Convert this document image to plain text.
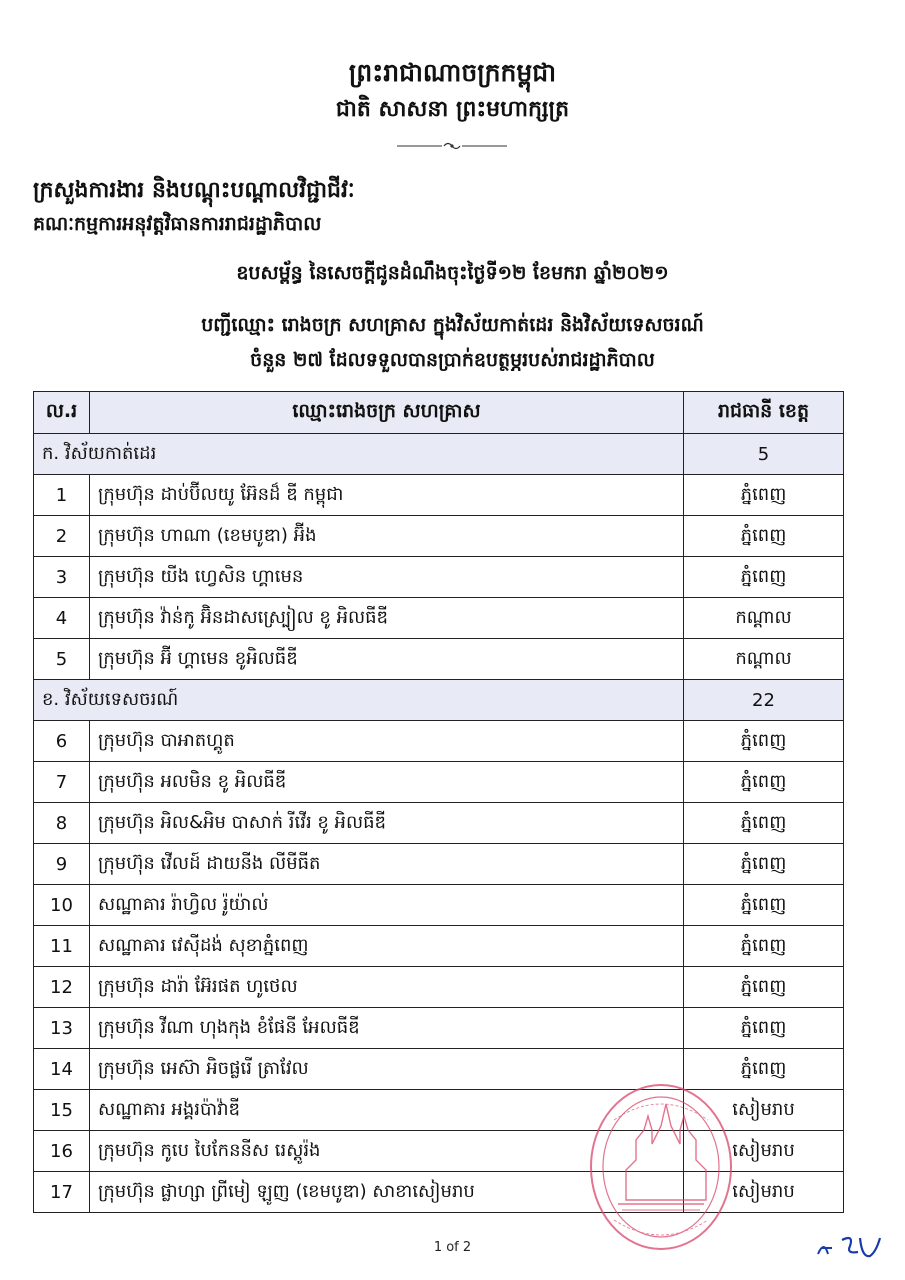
ព្រះរាជាណាចក្រកម្ពុជា
ជាតិ សាសនា ព្រះមហាក្សត្រ
ក្រសួងការងារ និងបណ្តុះបណ្តាលវិជ្ជាជីវៈ
គណៈកម្មការអនុវត្តវិធានការរាជរដ្ឋាភិបាល
ឧបសម្ព័ន្ធ នៃសេចក្តីជូនដំណឹងចុះថ្ងៃទី១២ ខែមករា ឆ្នាំ២០២១
បញ្ជីឈ្មោះ រោងចក្រ សហគ្រាស ក្នុងវិស័យកាត់ដេរ និងវិស័យទេសចរណ៍
ចំនួន ២៧ ដែលទទួលបានប្រាក់ឧបត្ថម្ភរបស់រាជរដ្ឋាភិបាល
ល.រ	ឈ្មោះរោងចក្រ សហគ្រាស	រាជធានី ខេត្ត
ក. វិស័យកាត់ដេរ		5
1	ក្រុមហ៊ុន ដាប់ប៊ីលយូ អ៊ែនដ៏ ឌី កម្ពុជា	ភ្នំពេញ
2	ក្រុមហ៊ុន ហាណា (ខេមបូឌា) អ៊ីង	ភ្នំពេញ
3	ក្រុមហ៊ុន យីង ហ្វេសិន ហ្គាមេន	ភ្នំពេញ
4	ក្រុមហ៊ុន វ៉ាន់កូ អ៊ិនដាសស្រ្បៀល ខូ អិលធីឌី	កណ្តាល
5	ក្រុមហ៊ុន អ៊ី ហ្គាមេន ខូអិលធីឌី	កណ្តាល
ខ. វិស័យទេសចរណ៍		22
6	ក្រុមហ៊ុន បាអាតហ្គូត	ភ្នំពេញ
7	ក្រុមហ៊ុន អលមិន ខូ អិលធីឌី	ភ្នំពេញ
8	ក្រុមហ៊ុន អិល&អិម បាសាក់ រីវើរ ខូ អិលធីឌី	ភ្នំពេញ
9	ក្រុមហ៊ុន វើលដ៍ ដាយនីង លីមីធីត	ភ្នំពេញ
10	សណ្ឋាគារ រ៉ាហ្វិល រ៉ូយ៉ាល់	ភ្នំពេញ
11	សណ្ឋាគារ វេស៊ីដង់ សុខាភ្នំពេញ	ភ្នំពេញ
12	ក្រុមហ៊ុន ដារ៉ា អ៊ែរផត ហូថេល	ភ្នំពេញ
13	ក្រុមហ៊ុន វីណា ហុងកុង ខំផែនី អែលធីឌី	ភ្នំពេញ
14	ក្រុមហ៊ុន អេស៊ា អិចផ្លរើ ត្រាវែល	ភ្នំពេញ
15	សណ្ឋាគារ អង្គរប៉ាវ៉ាឌី	សៀមរាប
16	ក្រុមហ៊ុន កូបេ បៃកែននីស រេស្តូរ៉ង	សៀមរាប
17	ក្រុមហ៊ុន ផ្លាហ្សា ព្រីមៀ ឡូញ (ខេមបូឌា) សាខាសៀមរាប	សៀមរាប
1 of 2
